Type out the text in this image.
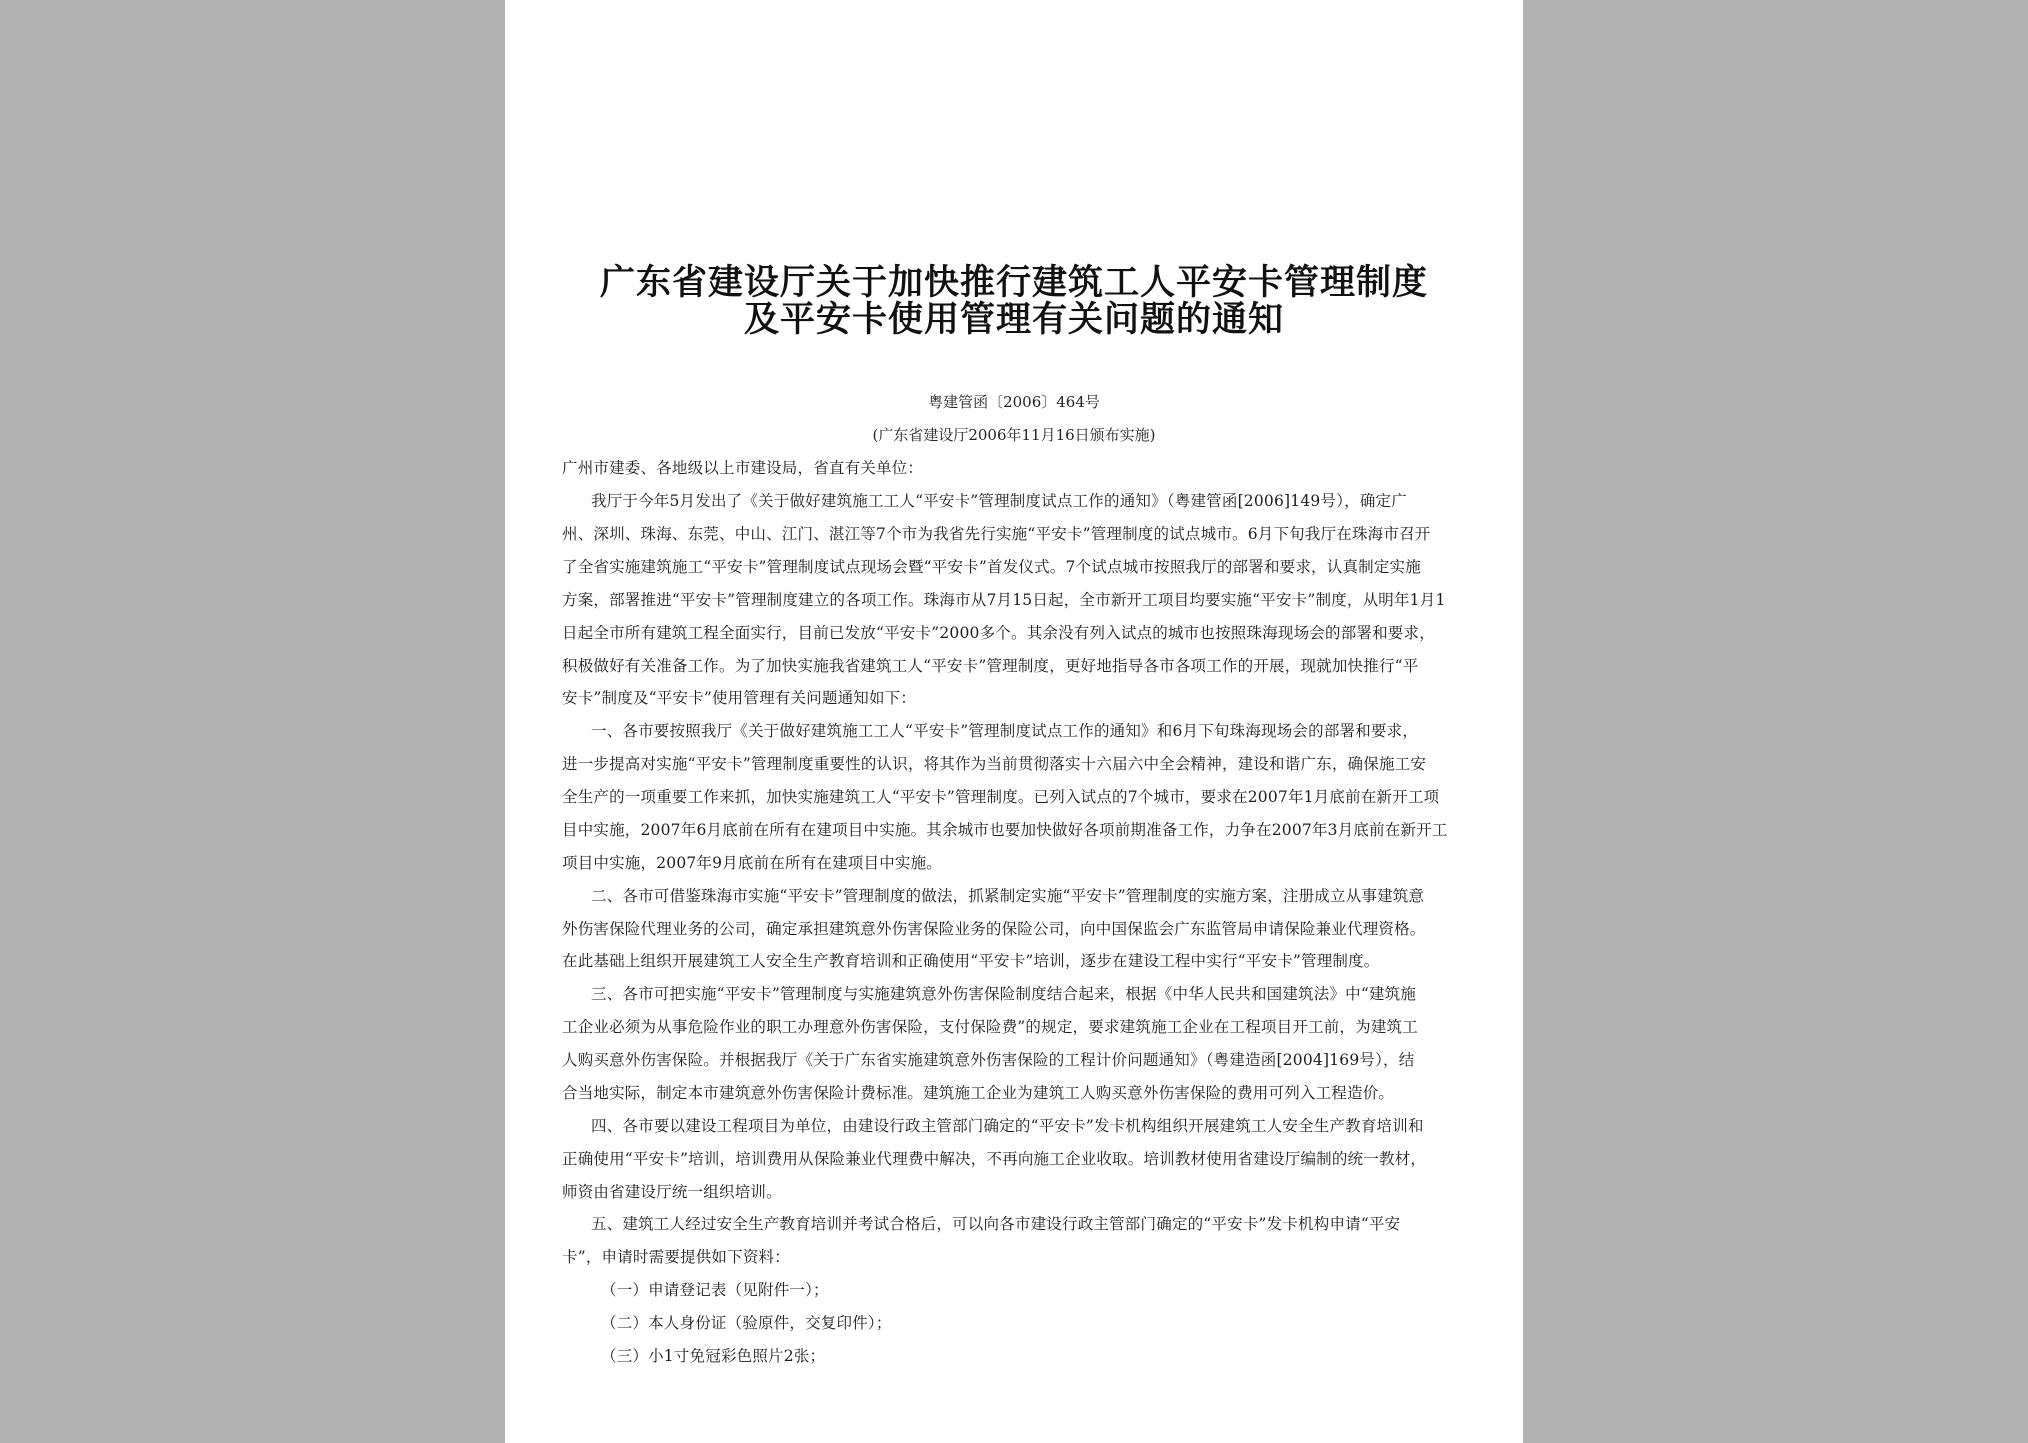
广东省建设厅关于加快推行建筑工人平安卡管理制度
及平安卡使用管理有关问题的通知
粤建管函〔2006〕464号
(广东省建设厅2006年11月16日颁布实施)
广州市建委、各地级以上市建设局，省直有关单位：
我厅于今年5月发出了《关于做好建筑施工工人“平安卡”管理制度试点工作的通知》（粤建管函[2006]149号），确定广
州、深圳、珠海、东莞、中山、江门、湛江等7个市为我省先行实施“平安卡”管理制度的试点城市。6月下旬我厅在珠海市召开
了全省实施建筑施工“平安卡”管理制度试点现场会暨“平安卡”首发仪式。7个试点城市按照我厅的部署和要求，认真制定实施
方案，部署推进“平安卡”管理制度建立的各项工作。珠海市从7月15日起，全市新开工项目均要实施“平安卡”制度，从明年1月1
日起全市所有建筑工程全面实行，目前已发放“平安卡”2000多个。其余没有列入试点的城市也按照珠海现场会的部署和要求，
积极做好有关准备工作。为了加快实施我省建筑工人“平安卡”管理制度，更好地指导各市各项工作的开展，现就加快推行“平
安卡”制度及“平安卡”使用管理有关问题通知如下：
一、各市要按照我厅《关于做好建筑施工工人“平安卡”管理制度试点工作的通知》和6月下旬珠海现场会的部署和要求，
进一步提高对实施“平安卡”管理制度重要性的认识，将其作为当前贯彻落实十六届六中全会精神，建设和谐广东，确保施工安
全生产的一项重要工作来抓，加快实施建筑工人“平安卡”管理制度。已列入试点的7个城市，要求在2007年1月底前在新开工项
目中实施，2007年6月底前在所有在建项目中实施。其余城市也要加快做好各项前期准备工作，力争在2007年3月底前在新开工
项目中实施，2007年9月底前在所有在建项目中实施。
二、各市可借鉴珠海市实施“平安卡”管理制度的做法，抓紧制定实施“平安卡”管理制度的实施方案，注册成立从事建筑意
外伤害保险代理业务的公司，确定承担建筑意外伤害保险业务的保险公司，向中国保监会广东监管局申请保险兼业代理资格。
在此基础上组织开展建筑工人安全生产教育培训和正确使用“平安卡”培训，逐步在建设工程中实行“平安卡”管理制度。
三、各市可把实施“平安卡”管理制度与实施建筑意外伤害保险制度结合起来，根据《中华人民共和国建筑法》中“建筑施
工企业必须为从事危险作业的职工办理意外伤害保险，支付保险费”的规定，要求建筑施工企业在工程项目开工前，为建筑工
人购买意外伤害保险。并根据我厅《关于广东省实施建筑意外伤害保险的工程计价问题通知》（粤建造函[2004]169号），结
合当地实际，制定本市建筑意外伤害保险计费标准。建筑施工企业为建筑工人购买意外伤害保险的费用可列入工程造价。
四、各市要以建设工程项目为单位，由建设行政主管部门确定的“平安卡”发卡机构组织开展建筑工人安全生产教育培训和
正确使用“平安卡”培训，培训费用从保险兼业代理费中解决，不再向施工企业收取。培训教材使用省建设厅编制的统一教材，
师资由省建设厅统一组织培训。
五、建筑工人经过安全生产教育培训并考试合格后，可以向各市建设行政主管部门确定的“平安卡”发卡机构申请“平安
卡”，申请时需要提供如下资料：
（一）申请登记表（见附件一）；
（二）本人身份证（验原件，交复印件）；
（三）小1寸免冠彩色照片2张；
